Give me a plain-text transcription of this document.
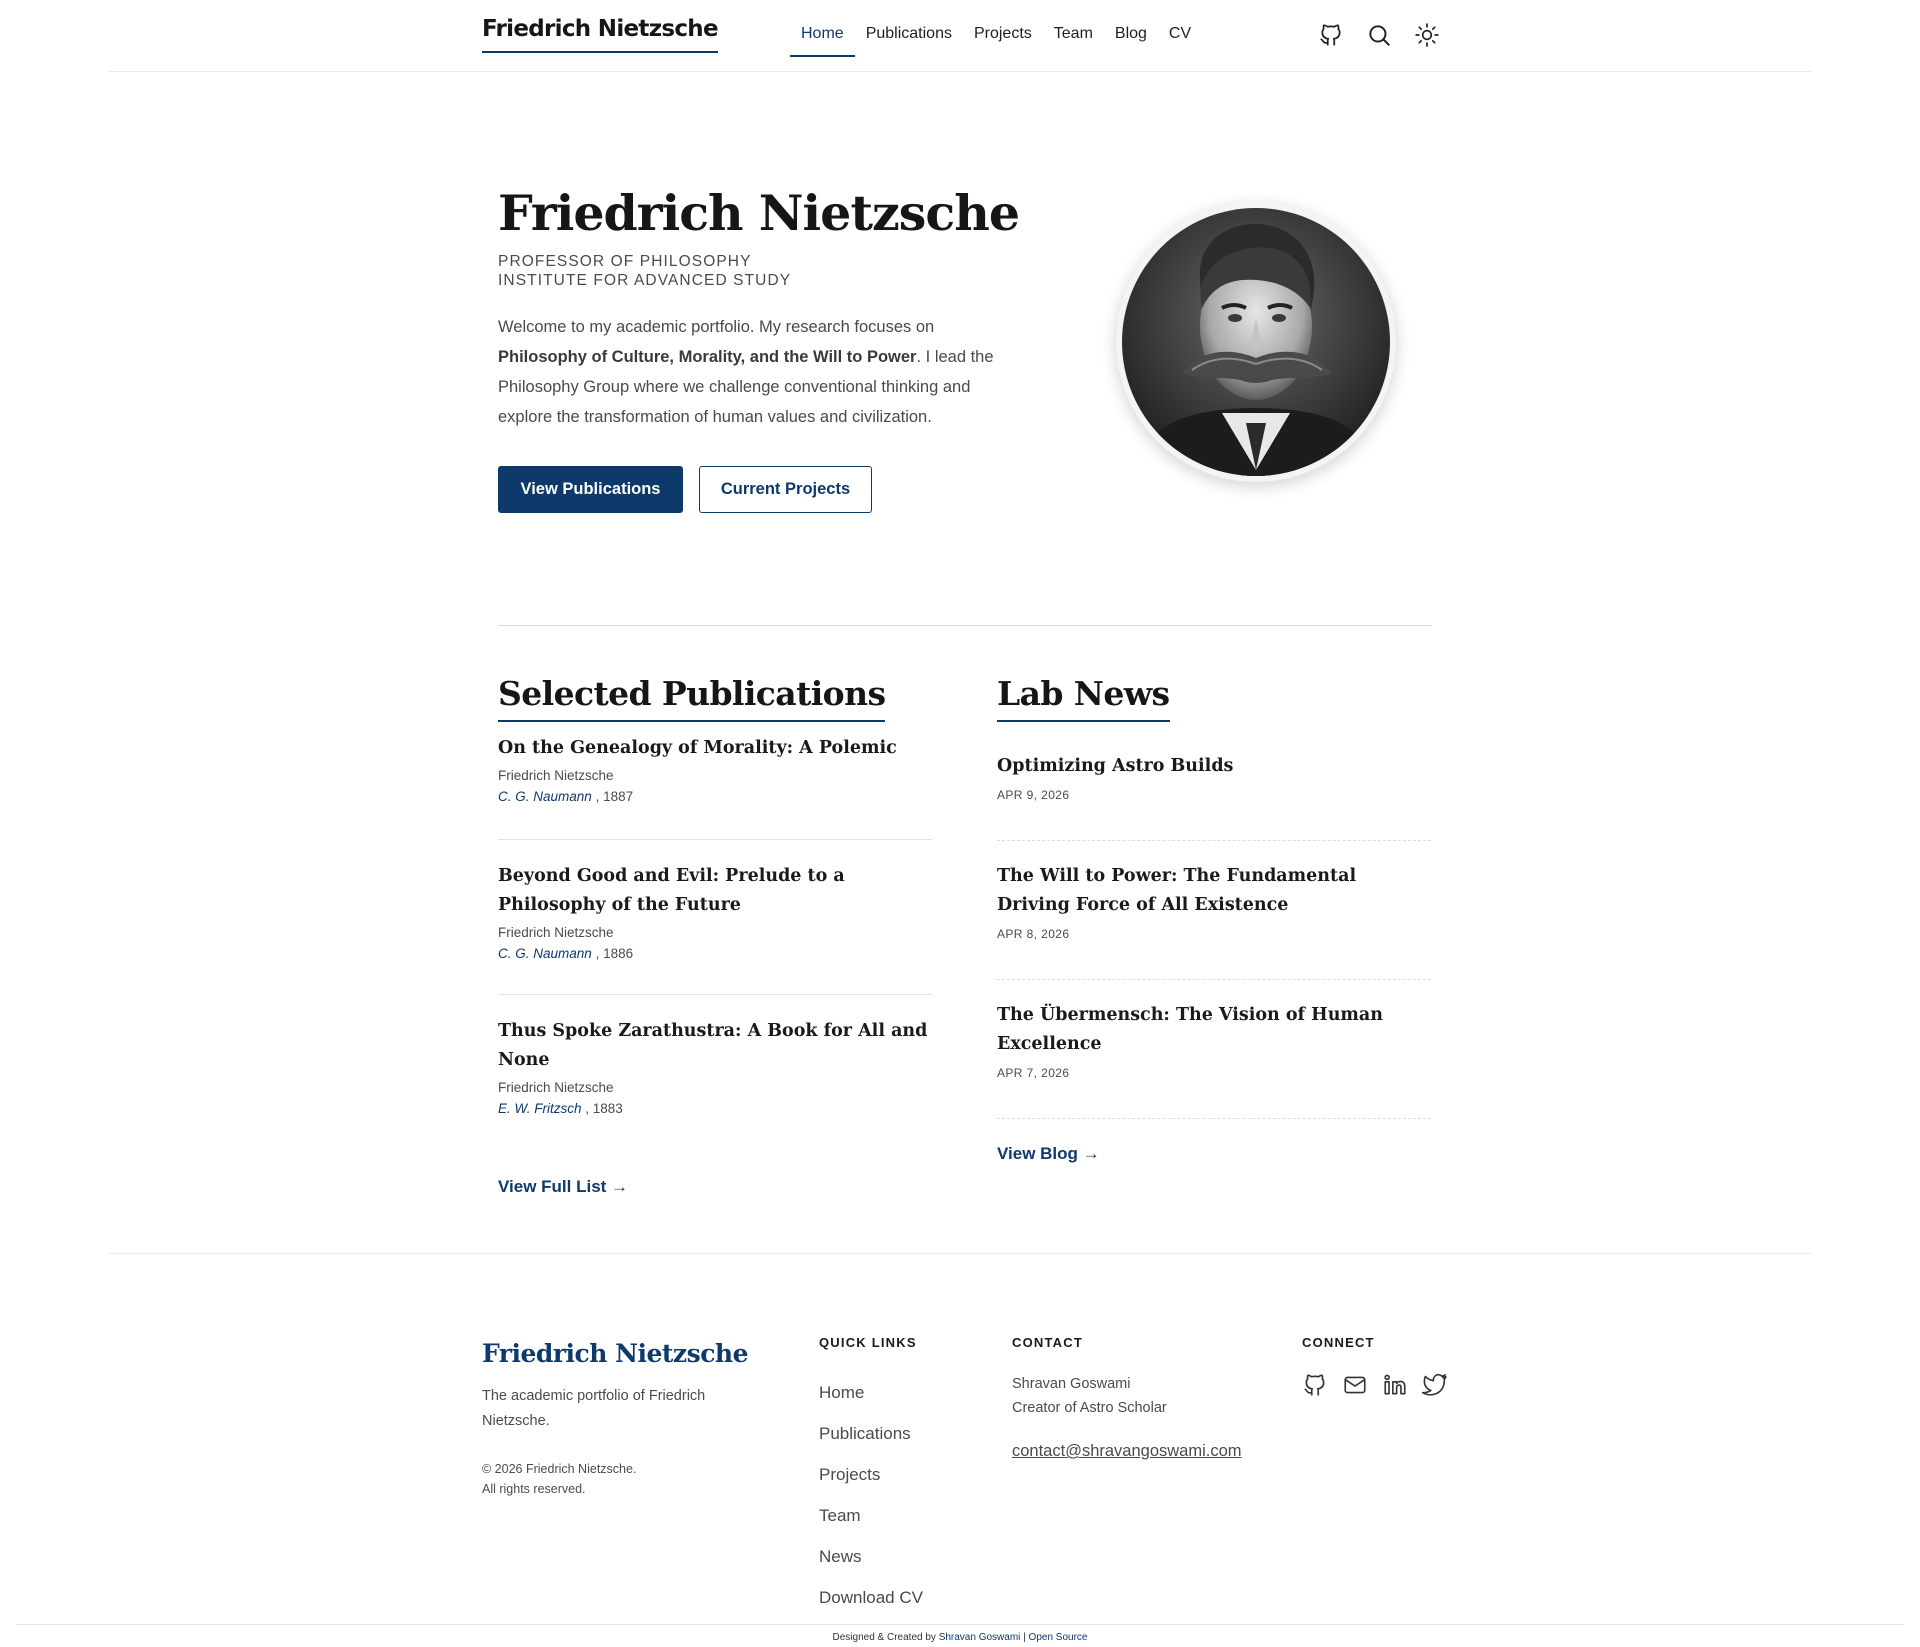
Friedrich Nietzsche	Home	Publications	Projects	Team	Blog	CV
Friedrich Nietzsche
PROFESSOR OF PHILOSOPHY
INSTITUTE FOR ADVANCED STUDY

Welcome to my academic portfolio. My research focuses on Philosophy of Culture, Morality, and the Will to Power. I lead the Philosophy Group where we challenge conventional thinking and explore the transformation of human values and civilization.

View Publications	Current Projects
Selected Publications
On the Genealogy of Morality: A Polemic
Friedrich Nietzsche
C. G. Naumann , 1887
Beyond Good and Evil: Prelude to a Philosophy of the Future
Friedrich Nietzsche
C. G. Naumann , 1886
Thus Spoke Zarathustra: A Book for All and None
Friedrich Nietzsche
E. W. Fritzsch , 1883
View Full List →
Lab News
Optimizing Astro Builds
APR 9, 2026
The Will to Power: The Fundamental Driving Force of All Existence
APR 8, 2026
The Übermensch: The Vision of Human Excellence
APR 7, 2026
View Blog →
Friedrich Nietzsche
The academic portfolio of Friedrich Nietzsche.
© 2026 Friedrich Nietzsche.
All rights reserved.
QUICK LINKS
Home
Publications
Projects
Team
News
Download CV
CONTACT
Shravan Goswami
Creator of Astro Scholar
contact@shravangoswami.com
CONNECT
Designed & Created by Shravan Goswami | Open Source
